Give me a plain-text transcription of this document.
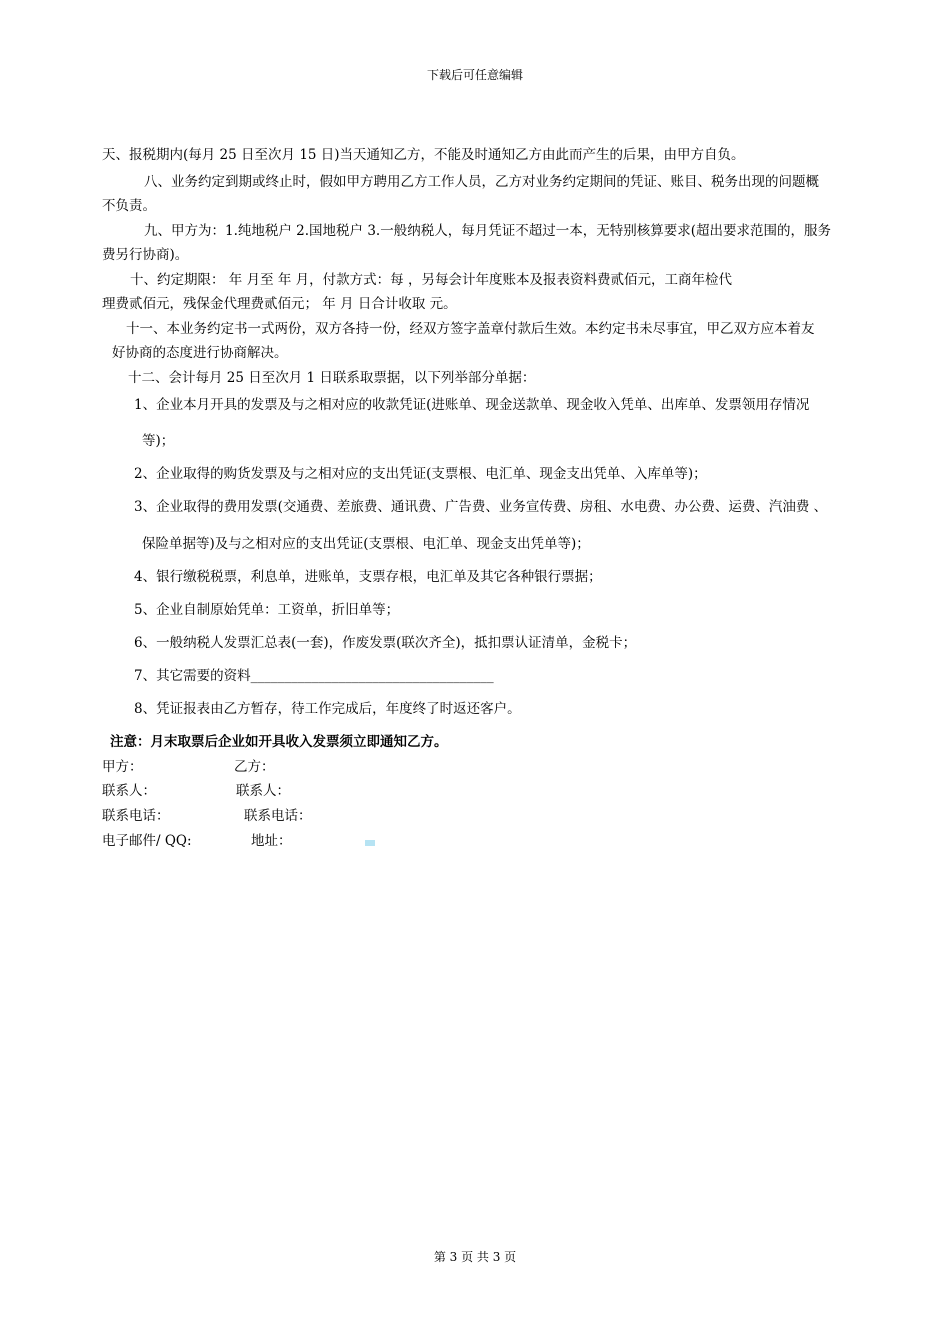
下载后可任意编辑
天、报税期内(每月 25 日至次月 15 日)当天通知乙方，不能及时通知乙方由此而产生的后果，由甲方自负。
八、业务约定到期或终止时，假如甲方聘用乙方工作人员，乙方对业务约定期间的凭证、账目、税务出现的问题概
不负责。
九、甲方为：1.纯地税户 2.国地税户 3.一般纳税人，每月凭证不超过一本，无特别核算要求(超出要求范围的，服务
费另行协商)。
十、约定期限： 年 月至 年 月，付款方式：每 ，另每会计年度账本及报表资料费贰佰元，工商年检代
理费贰佰元，残保金代理费贰佰元； 年 月 日合计收取 元。
十一、本业务约定书一式两份，双方各持一份，经双方签字盖章付款后生效。本约定书未尽事宜，甲乙双方应本着友
好协商的态度进行协商解决。
十二、会计每月 25 日至次月 1 日联系取票据，以下列举部分单据：
1、企业本月开具的发票及与之相对应的收款凭证(进账单、现金送款单、现金收入凭单、出库单、发票领用存情况
等)；
2、企业取得的购货发票及与之相对应的支出凭证(支票根、电汇单、现金支出凭单、入库单等)；
3、企业取得的费用发票(交通费、差旅费、通讯费、广告费、业务宣传费、房租、水电费、办公费、运费、汽油费 、
保险单据等)及与之相对应的支出凭证(支票根、电汇单、现金支出凭单等)；
4、银行缴税税票，利息单，进账单，支票存根，电汇单及其它各种银行票据；
5、企业自制原始凭单：工资单，折旧单等；
6、一般纳税人发票汇总表(一套)，作废发票(联次齐全)，抵扣票认证清单，金税卡；
7、其它需要的资料____________________________________
8、凭证报表由乙方暂存，待工作完成后，年度终了时返还客户。
注意：月末取票后企业如开具收入发票须立即通知乙方。
甲方：	乙方：
联系人：	联系人：
联系电话：	联系电话：
电子邮件/ QQ:	地址：
第 3 页 共 3 页
